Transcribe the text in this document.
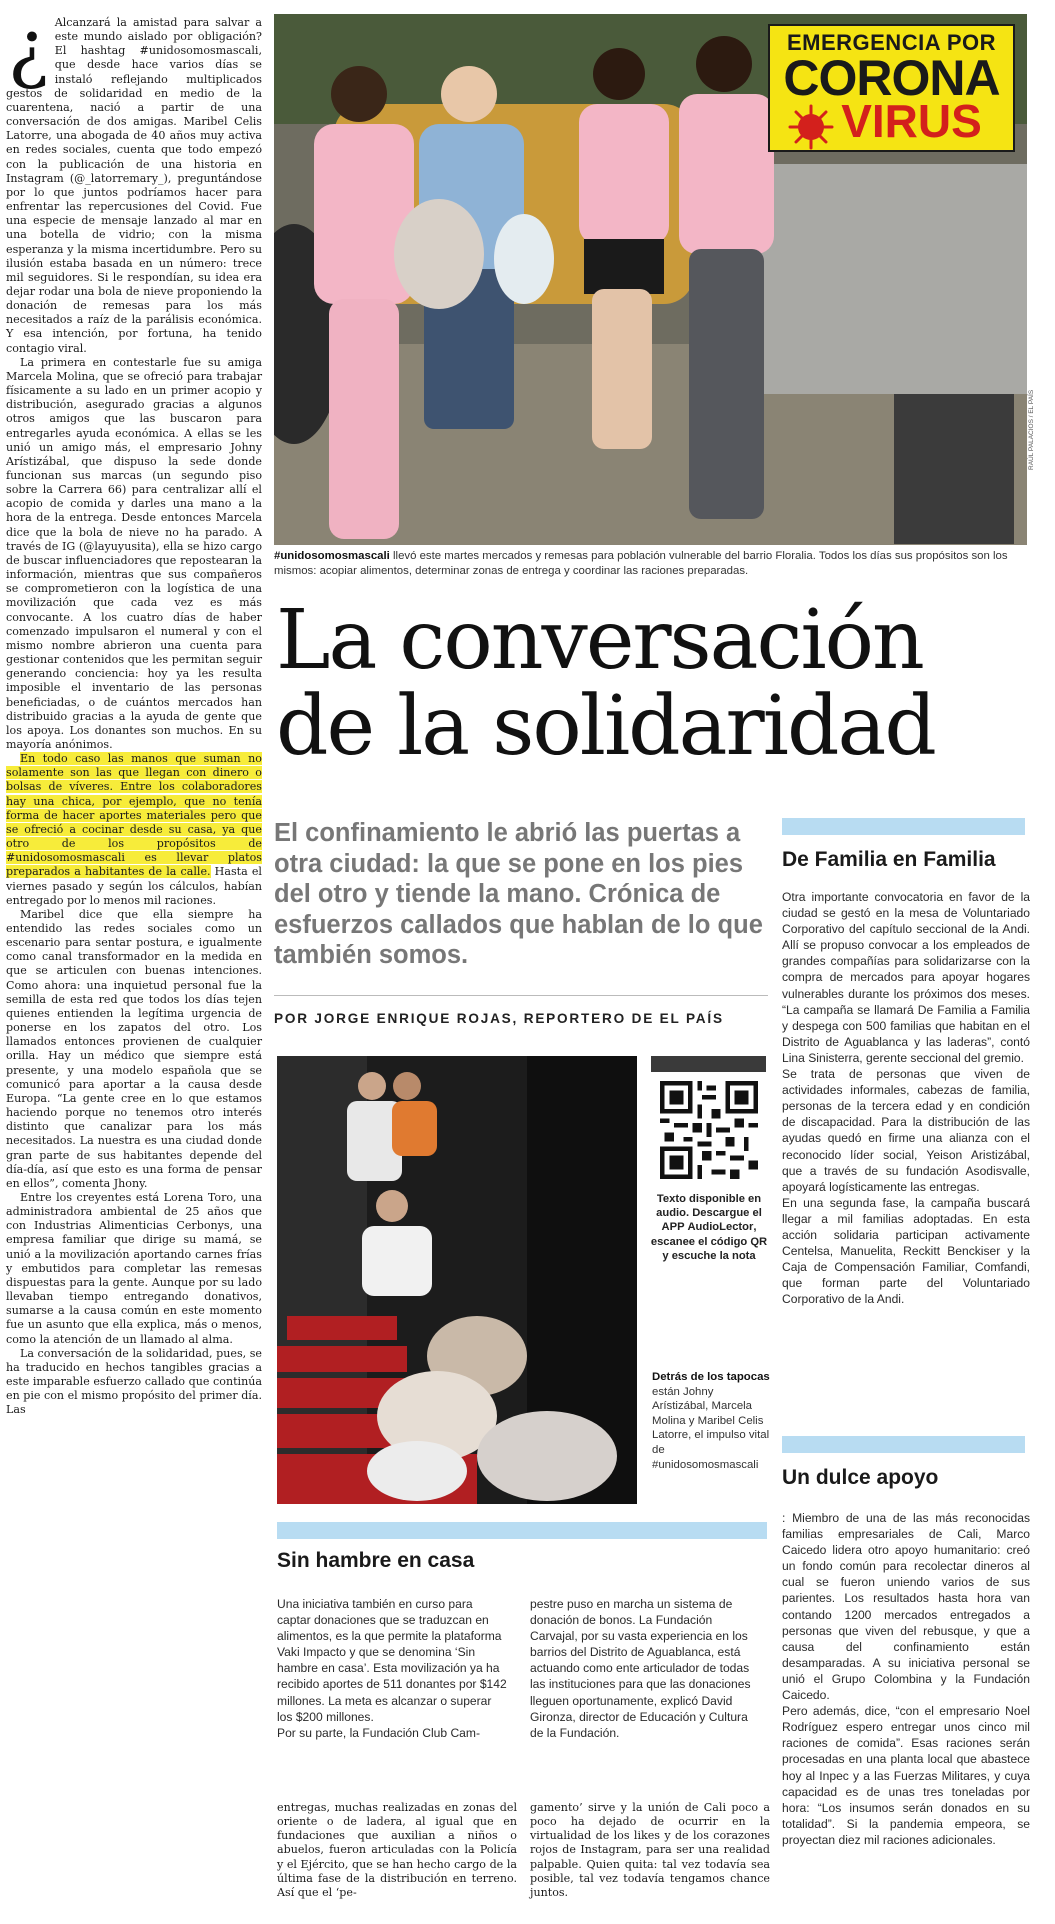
¿ Alcanzará la amistad para salvar a este mundo aislado por obligación? El hashtag #unidosomosmascali, que desde hace varios días se instaló reflejando multiplicados gestos de solidaridad en medio de la cuarentena, nació a partir de una conversación de dos amigas. Maribel Celis Latorre, una abogada de 40 años muy activa en redes sociales, cuenta que todo empezó con la publicación de una historia en Instagram (@_latorremary_), preguntándose por lo que juntos podríamos hacer para enfrentar las repercusiones del Covid. Fue una especie de mensaje lanzado al mar en una botella de vidrio; con la misma esperanza y la misma incertidumbre. Pero su ilusión estaba basada en un número: trece mil seguidores. Si le respondían, su idea era dejar rodar una bola de nieve proponiendo la donación de remesas para los más necesitados a raíz de la parálisis económica. Y esa intención, por fortuna, ha tenido contagio viral.

La primera en contestarle fue su amiga Marcela Molina, que se ofreció para trabajar físicamente a su lado en un primer acopio y distribución, asegurado gracias a algunos otros amigos que las buscaron para entregarles ayuda económica. A ellas se les unió un amigo más, el empresario Johny Arístizábal, que dispuso la sede donde funcionan sus marcas (un segundo piso sobre la Carrera 66) para centralizar allí el acopio de comida y darles una mano a la hora de la entrega. Desde entonces Marcela dice que la bola de nieve no ha parado. A través de IG (@layuyusita), ella se hizo cargo de buscar influenciadores que repostearan la información, mientras que sus compañeros se comprometieron con la logística de una movilización que cada vez es más convocante. A los cuatro días de haber comenzado impulsaron el numeral y con el mismo nombre abrieron una cuenta para gestionar contenidos que les permitan seguir generando conciencia: hoy ya les resulta imposible el inventario de las personas beneficiadas, o de cuántos mercados han distribuido gracias a la ayuda de gente que los apoya. Los donantes son muchos. En su mayoría anónimos.

En todo caso las manos que suman no solamente son las que llegan con dinero o bolsas de víveres. Entre los colaboradores hay una chica, por ejemplo, que no tenía forma de hacer aportes materiales pero que se ofreció a cocinar desde su casa, ya que otro de los propósitos de #unidosomosmascali es llevar platos preparados a habitantes de la calle. Hasta el viernes pasado y según los cálculos, habían entregado por lo menos mil raciones.

Maribel dice que ella siempre ha entendido las redes sociales como un escenario para sentar postura, e igualmente como canal transformador en la medida en que se articulen con buenas intenciones. Como ahora: una inquietud personal fue la semilla de esta red que todos los días tejen quienes entienden la legítima urgencia de ponerse en los zapatos del otro. Los llamados entonces provienen de cualquier orilla. Hay un médico que siempre está presente, y una modelo española que se comunicó para aportar a la causa desde Europa. “La gente cree en lo que estamos haciendo porque no tenemos otro interés distinto que canalizar para los más necesitados. La nuestra es una ciudad donde gran parte de sus habitantes depende del día-día, así que esto es una forma de pensar en ellos”, comenta Jhony.

Entre los creyentes está Lorena Toro, una administradora ambiental de 25 años que con Industrias Alimenticias Cerbonys, una empresa familiar que dirige su mamá, se unió a la movilización aportando carnes frías y embutidos para completar las remesas dispuestas para la gente. Aunque por su lado llevaban tiempo entregando donativos, sumarse a la causa común en este momento fue un asunto que ella explica, más o menos, como la atención de un llamado al alma.

La conversación de la solidaridad, pues, se ha traducido en hechos tangibles gracias a este imparable esfuerzo callado que continúa en pie con el mismo propósito del primer día. Las

RAÚL PALACIOS / EL PAÍS
EMERGENCIA POR
CORONA
VIRUS
#unidosomosmascali llevó este martes mercados y remesas para población vulnerable del barrio Floralia. Todos los días sus propósitos son los mismos: acopiar alimentos, determinar zonas de entrega y coordinar las raciones preparadas.
La conversación
de la solidaridad
El confinamiento le abrió las puertas a otra ciudad: la que se pone en los pies del otro y tiende la mano. Crónica de esfuerzos callados que hablan de lo que también somos.
POR JORGE ENRIQUE ROJAS, REPORTERO DE EL PAÍS
Texto disponible en audio. Descargue el APP AudioLector, escanee el código QR y escuche la nota
Detrás de los tapocas están Johny Arístizábal, Marcela Molina y Maribel Celis Latorre, el impulso vital de #unidosomosmascali
De Familia en Familia
Otra importante convocatoria en favor de la ciudad se gestó en la mesa de Voluntariado Corporativo del capítulo seccional de la Andi. Allí se propuso convocar a los empleados de grandes compañías para solidarizarse con la compra de mercados para apoyar hogares vulnerables durante los próximos dos meses. “La campaña se llamará De Familia a Familia y despega con 500 familias que habitan en el Distrito de Aguablanca y las laderas”, contó Lina Sinisterra, gerente seccional del gremio.
Se trata de personas que viven de actividades informales, cabezas de familia, personas de la tercera edad y en condición de discapacidad. Para la distribución de las ayudas quedó en firme una alianza con el reconocido líder social, Yeison Aristizábal, que a través de su fundación Asodisvalle, apoyará logísticamente las entregas.
En una segunda fase, la campaña buscará llegar a mil familias adoptadas. En esta acción solidaria participan activamente Centelsa, Manuelita, Reckitt Benckiser y la Caja de Compensación Familiar, Comfandi, que forman parte del Voluntariado Corporativo de la Andi.
Un dulce apoyo
: Miembro de una de las más reconocidas familias empresariales de Cali, Marco Caicedo lidera otro apoyo humanitario: creó un fondo común para recolectar dineros al cual se fueron uniendo varios de sus parientes. Los resultados hasta hora van contando 1200 mercados entregados a personas que viven del rebusque, y que a causa del confinamiento están desamparadas. A su iniciativa personal se unió el Grupo Colombina y la Fundación Caicedo.
Pero además, dice, “con el empresario Noel Rodríguez espero entregar unos cinco mil raciones de comida”. Esas raciones serán procesadas en una planta local que abastece hoy al Inpec y a las Fuerzas Militares, y cuya capacidad es de unas tres toneladas por hora: “Los insumos serán donados en su totalidad”. Si la pandemia empeora, se proyectan diez mil raciones adicionales.
Sin hambre en casa
Una iniciativa también en curso para captar donaciones que se traduzcan en alimentos, es la que permite la plataforma Vaki Impacto y que se denomina ‘Sin hambre en casa’. Esta movilización ya ha recibido aportes de 511 donantes por $142 millones. La meta es alcanzar o superar los $200 millones.
Por su parte, la Fundación Club Cam-
pestre puso en marcha un sistema de donación de bonos. La Fundación Carvajal, por su vasta experiencia en los barrios del Distrito de Aguablanca, está actuando como ente articulador de todas las instituciones para que las donaciones lleguen oportunamente, explicó David Gironza, director de Educación y Cultura de la Fundación.
entregas, muchas realizadas en zonas del oriente o de ladera, al igual que en fundaciones que auxilian a niños o abuelos, fueron articuladas con la Policía y el Ejército, que se han hecho cargo de la última fase de la distribución en terreno. Así que el ‘pe-
gamento’ sirve y la unión de Cali poco a poco ha dejado de ocurrir en la virtualidad de los likes y de los corazones rojos de Instagram, para ser una realidad palpable. Quien quita: tal vez todavía sea posible, tal vez todavía tengamos chance juntos.
